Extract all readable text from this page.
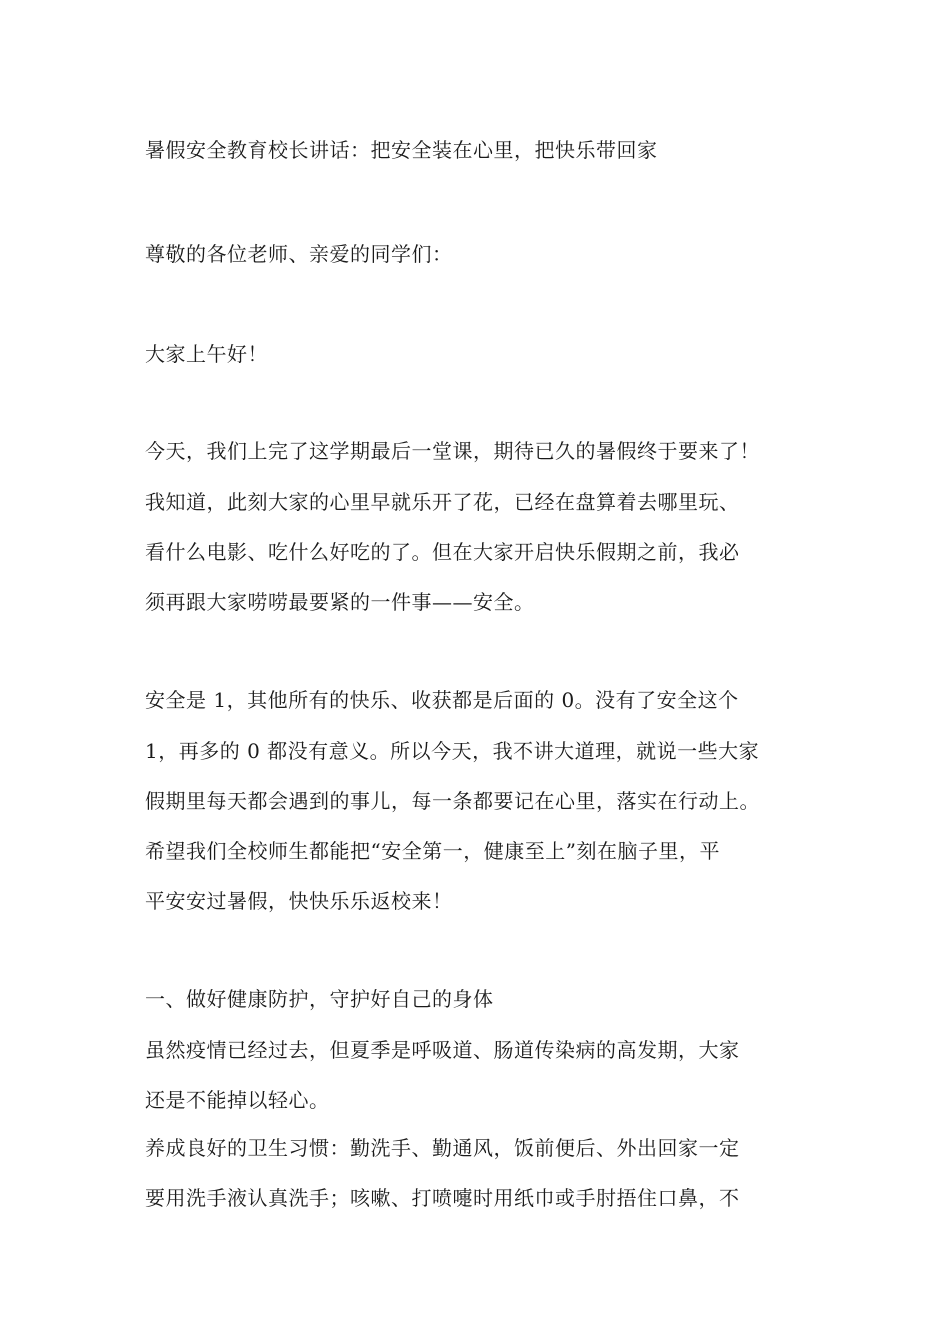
暑假安全教育校长讲话：把安全装在心里，把快乐带回家
尊敬的各位老师、亲爱的同学们：
大家上午好！
今天，我们上完了这学期最后一堂课，期待已久的暑假终于要来了！
我知道，此刻大家的心里早就乐开了花，已经在盘算着去哪里玩、
看什么电影、吃什么好吃的了。但在大家开启快乐假期之前，我必
须再跟大家唠唠最要紧的一件事——安全。
安全是 1，其他所有的快乐、收获都是后面的 0。没有了安全这个
1，再多的 0 都没有意义。所以今天，我不讲大道理，就说一些大家
假期里每天都会遇到的事儿，每一条都要记在心里，落实在行动上。
希望我们全校师生都能把“安全第一，健康至上”刻在脑子里，平
平安安过暑假，快快乐乐返校来！
一、做好健康防护，守护好自己的身体
虽然疫情已经过去，但夏季是呼吸道、肠道传染病的高发期，大家
还是不能掉以轻心。
养成良好的卫生习惯：勤洗手、勤通风，饭前便后、外出回家一定
要用洗手液认真洗手；咳嗽、打喷嚏时用纸巾或手肘捂住口鼻，不
